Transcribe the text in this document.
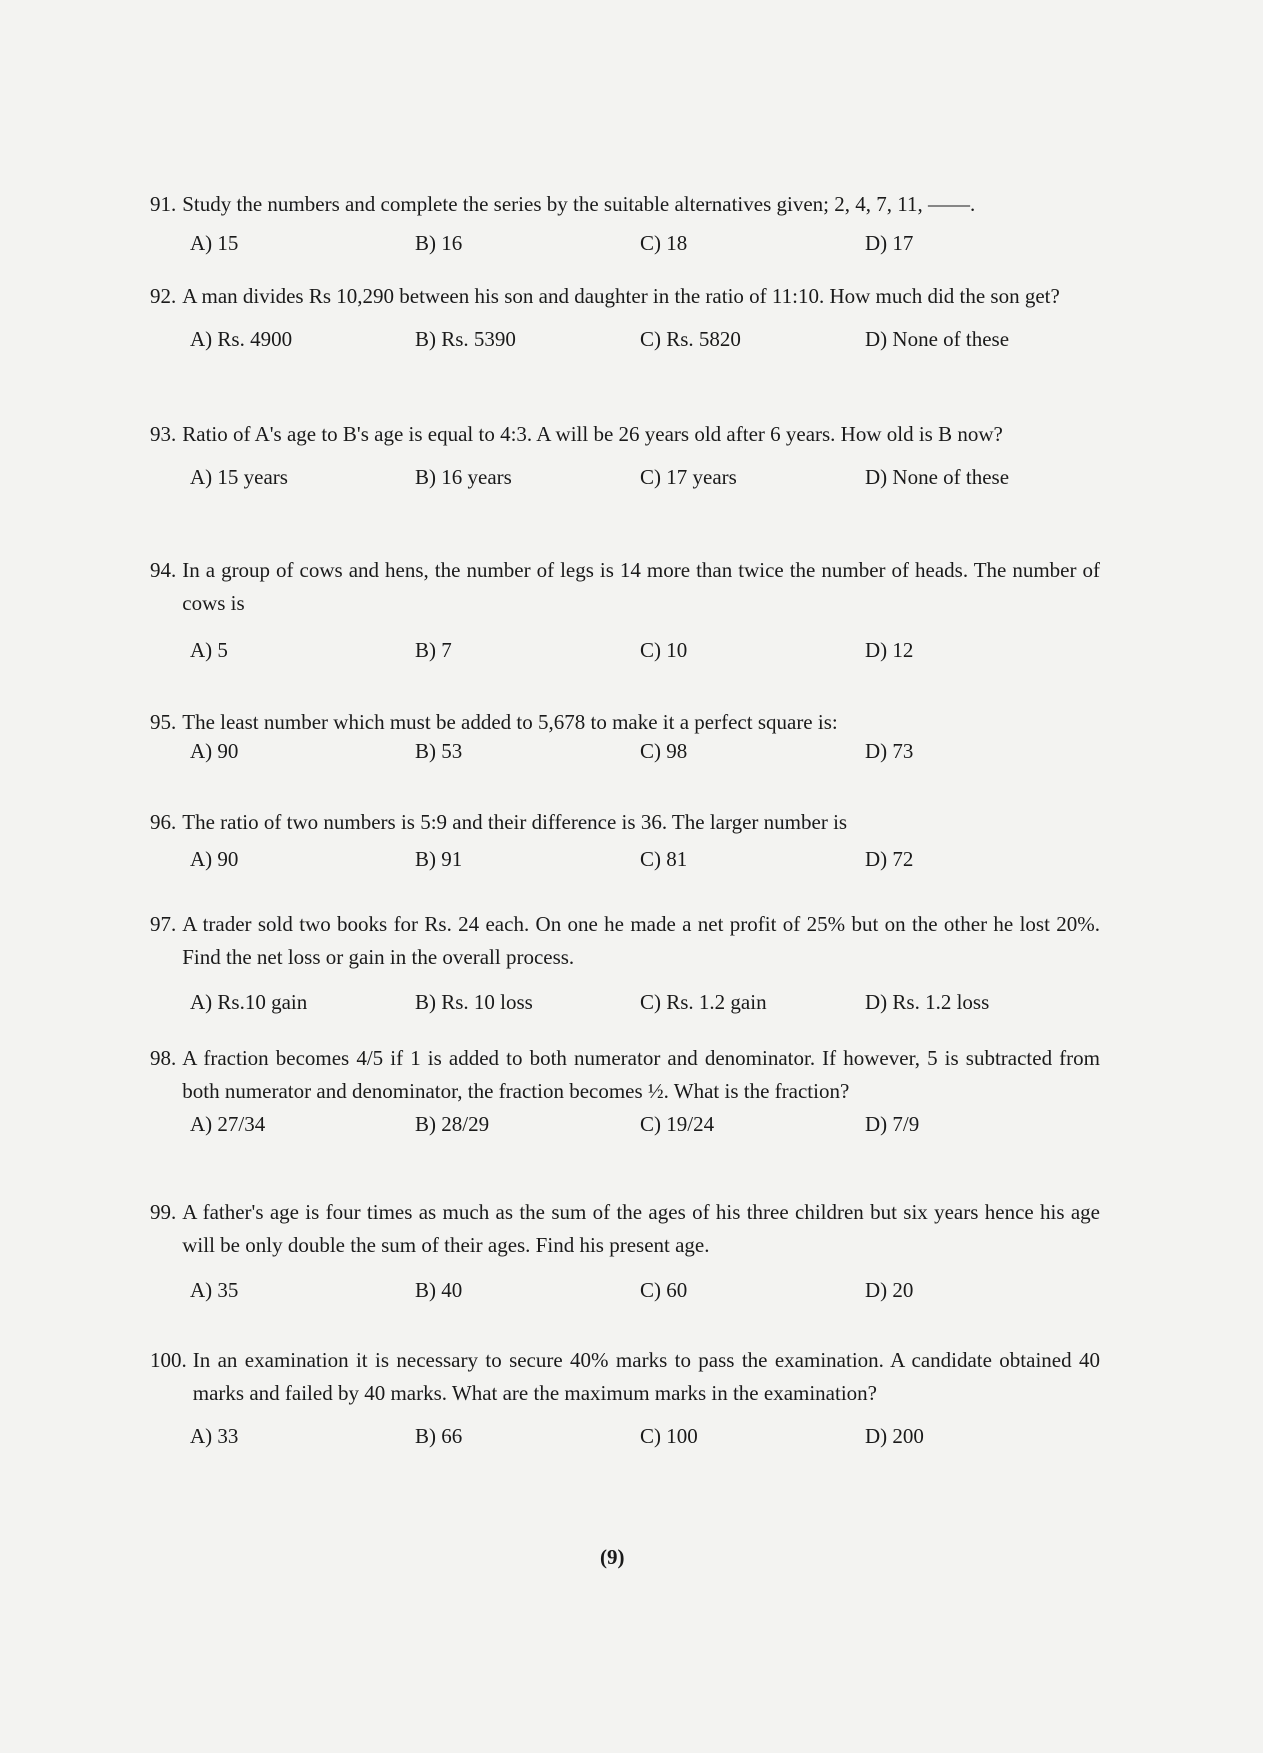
91. Study the numbers and complete the series by the suitable alternatives given; 2, 4, 7, 11, ——.
A) 15	B) 16	C) 18	D) 17
92. A man divides Rs 10,290 between his son and daughter in the ratio of 11:10. How much did the son get?
A) Rs. 4900	B) Rs. 5390	C) Rs. 5820	D) None of these
93. Ratio of A's age to B's age is equal to 4:3. A will be 26 years old after 6 years. How old is B now?
A) 15 years	B) 16 years	C) 17 years	D) None of these
94. In a group of cows and hens, the number of legs is 14 more than twice the number of heads. The number of cows is
A) 5	B) 7	C) 10	D) 12
95. The least number which must be added to 5,678 to make it a perfect square is:
A) 90	B) 53	C) 98	D) 73
96. The ratio of two numbers is 5:9 and their difference is 36. The larger number is
A) 90	B) 91	C) 81	D) 72
97. A trader sold two books for Rs. 24 each. On one he made a net profit of 25% but on the other he lost 20%. Find the net loss or gain in the overall process.
A) Rs.10 gain	B) Rs. 10 loss	C) Rs. 1.2 gain	D) Rs. 1.2 loss
98. A fraction becomes 4/5 if 1 is added to both numerator and denominator. If however, 5 is subtracted from both numerator and denominator, the fraction becomes ½. What is the fraction?
A) 27/34	B) 28/29	C) 19/24	D) 7/9
99. A father's age is four times as much as the sum of the ages of his three children but six years hence his age will be only double the sum of their ages. Find his present age.
A) 35	B) 40	C) 60	D) 20
100. In an examination it is necessary to secure 40% marks to pass the examination. A candidate obtained 40 marks and failed by 40 marks. What are the maximum marks in the examination?
A) 33	B) 66	C) 100	D) 200
(9)
